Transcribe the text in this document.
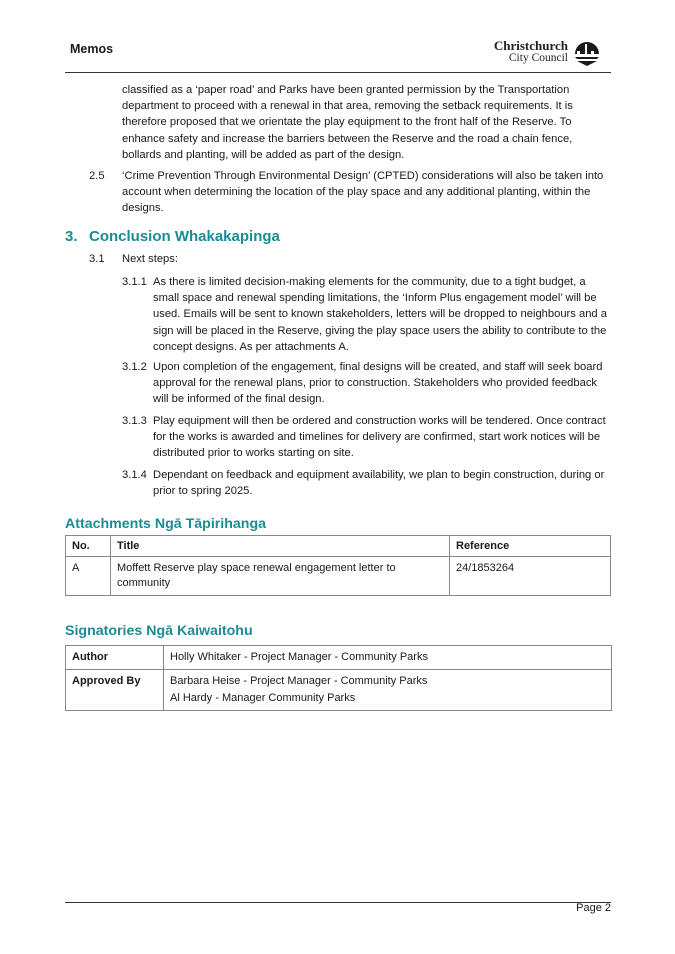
Memos	Christchurch
City Council
classified as a ‘paper road’ and Parks have been granted permission by the Transportation department to proceed with a renewal in that area, removing the setback requirements. It is therefore proposed that we orientate the play equipment to the front half of the Reserve. To enhance safety and increase the barriers between the Reserve and the road a chain fence, bollards and planting, will be added as part of the design.
2.5 ‘Crime Prevention Through Environmental Design’ (CPTED) considerations will also be taken into account when determining the location of the play space and any additional planting, within the designs.
3. Conclusion Whakakapinga
3.1 Next steps:
3.1.1 As there is limited decision-making elements for the community, due to a tight budget, a small space and renewal spending limitations, the ‘Inform Plus engagement model’ will be used. Emails will be sent to known stakeholders, letters will be dropped to neighbours and a sign will be placed in the Reserve, giving the play space users the ability to contribute to the concept designs. As per attachments A.
3.1.2 Upon completion of the engagement, final designs will be created, and staff will seek board approval for the renewal plans, prior to construction. Stakeholders who provided feedback will be informed of the final design.
3.1.3 Play equipment will then be ordered and construction works will be tendered. Once contract for the works is awarded and timelines for delivery are confirmed, start work notices will be distributed prior to works starting on site.
3.1.4 Dependant on feedback and equipment availability, we plan to begin construction, during or prior to spring 2025.
Attachments Ngā Tāpirihanga
No.	Title	Reference
A	Moffett Reserve play space renewal engagement letter to community	24/1853264
Signatories Ngā Kaiwaitohu
Author	Holly Whitaker - Project Manager - Community Parks
Approved By	Barbara Heise - Project Manager - Community Parks
Al Hardy - Manager Community Parks
Page 2
